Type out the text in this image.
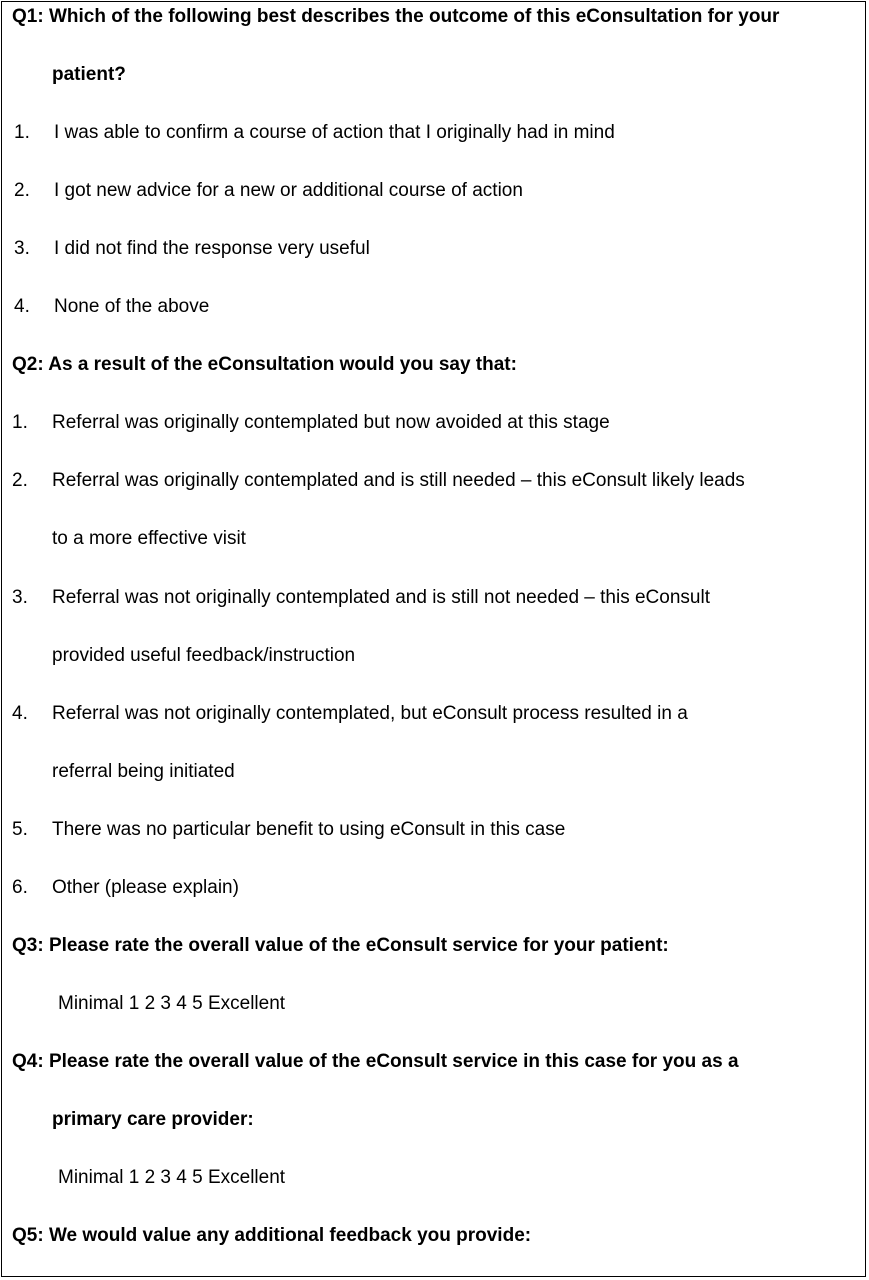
Q1: Which of the following best describes the outcome of this eConsultation for your
patient?
1. I was able to confirm a course of action that I originally had in mind
2. I got new advice for a new or additional course of action
3. I did not find the response very useful
4. None of the above
Q2: As a result of the eConsultation would you say that:
1. Referral was originally contemplated but now avoided at this stage
2. Referral was originally contemplated and is still needed – this eConsult likely leads
to a more effective visit
3. Referral was not originally contemplated and is still not needed – this eConsult
provided useful feedback/instruction
4. Referral was not originally contemplated, but eConsult process resulted in a
referral being initiated
5. There was no particular benefit to using eConsult in this case
6. Other (please explain)
Q3: Please rate the overall value of the eConsult service for your patient:
Minimal 1 2 3 4 5 Excellent
Q4: Please rate the overall value of the eConsult service in this case for you as a
primary care provider:
Minimal 1 2 3 4 5 Excellent
Q5: We would value any additional feedback you provide:
